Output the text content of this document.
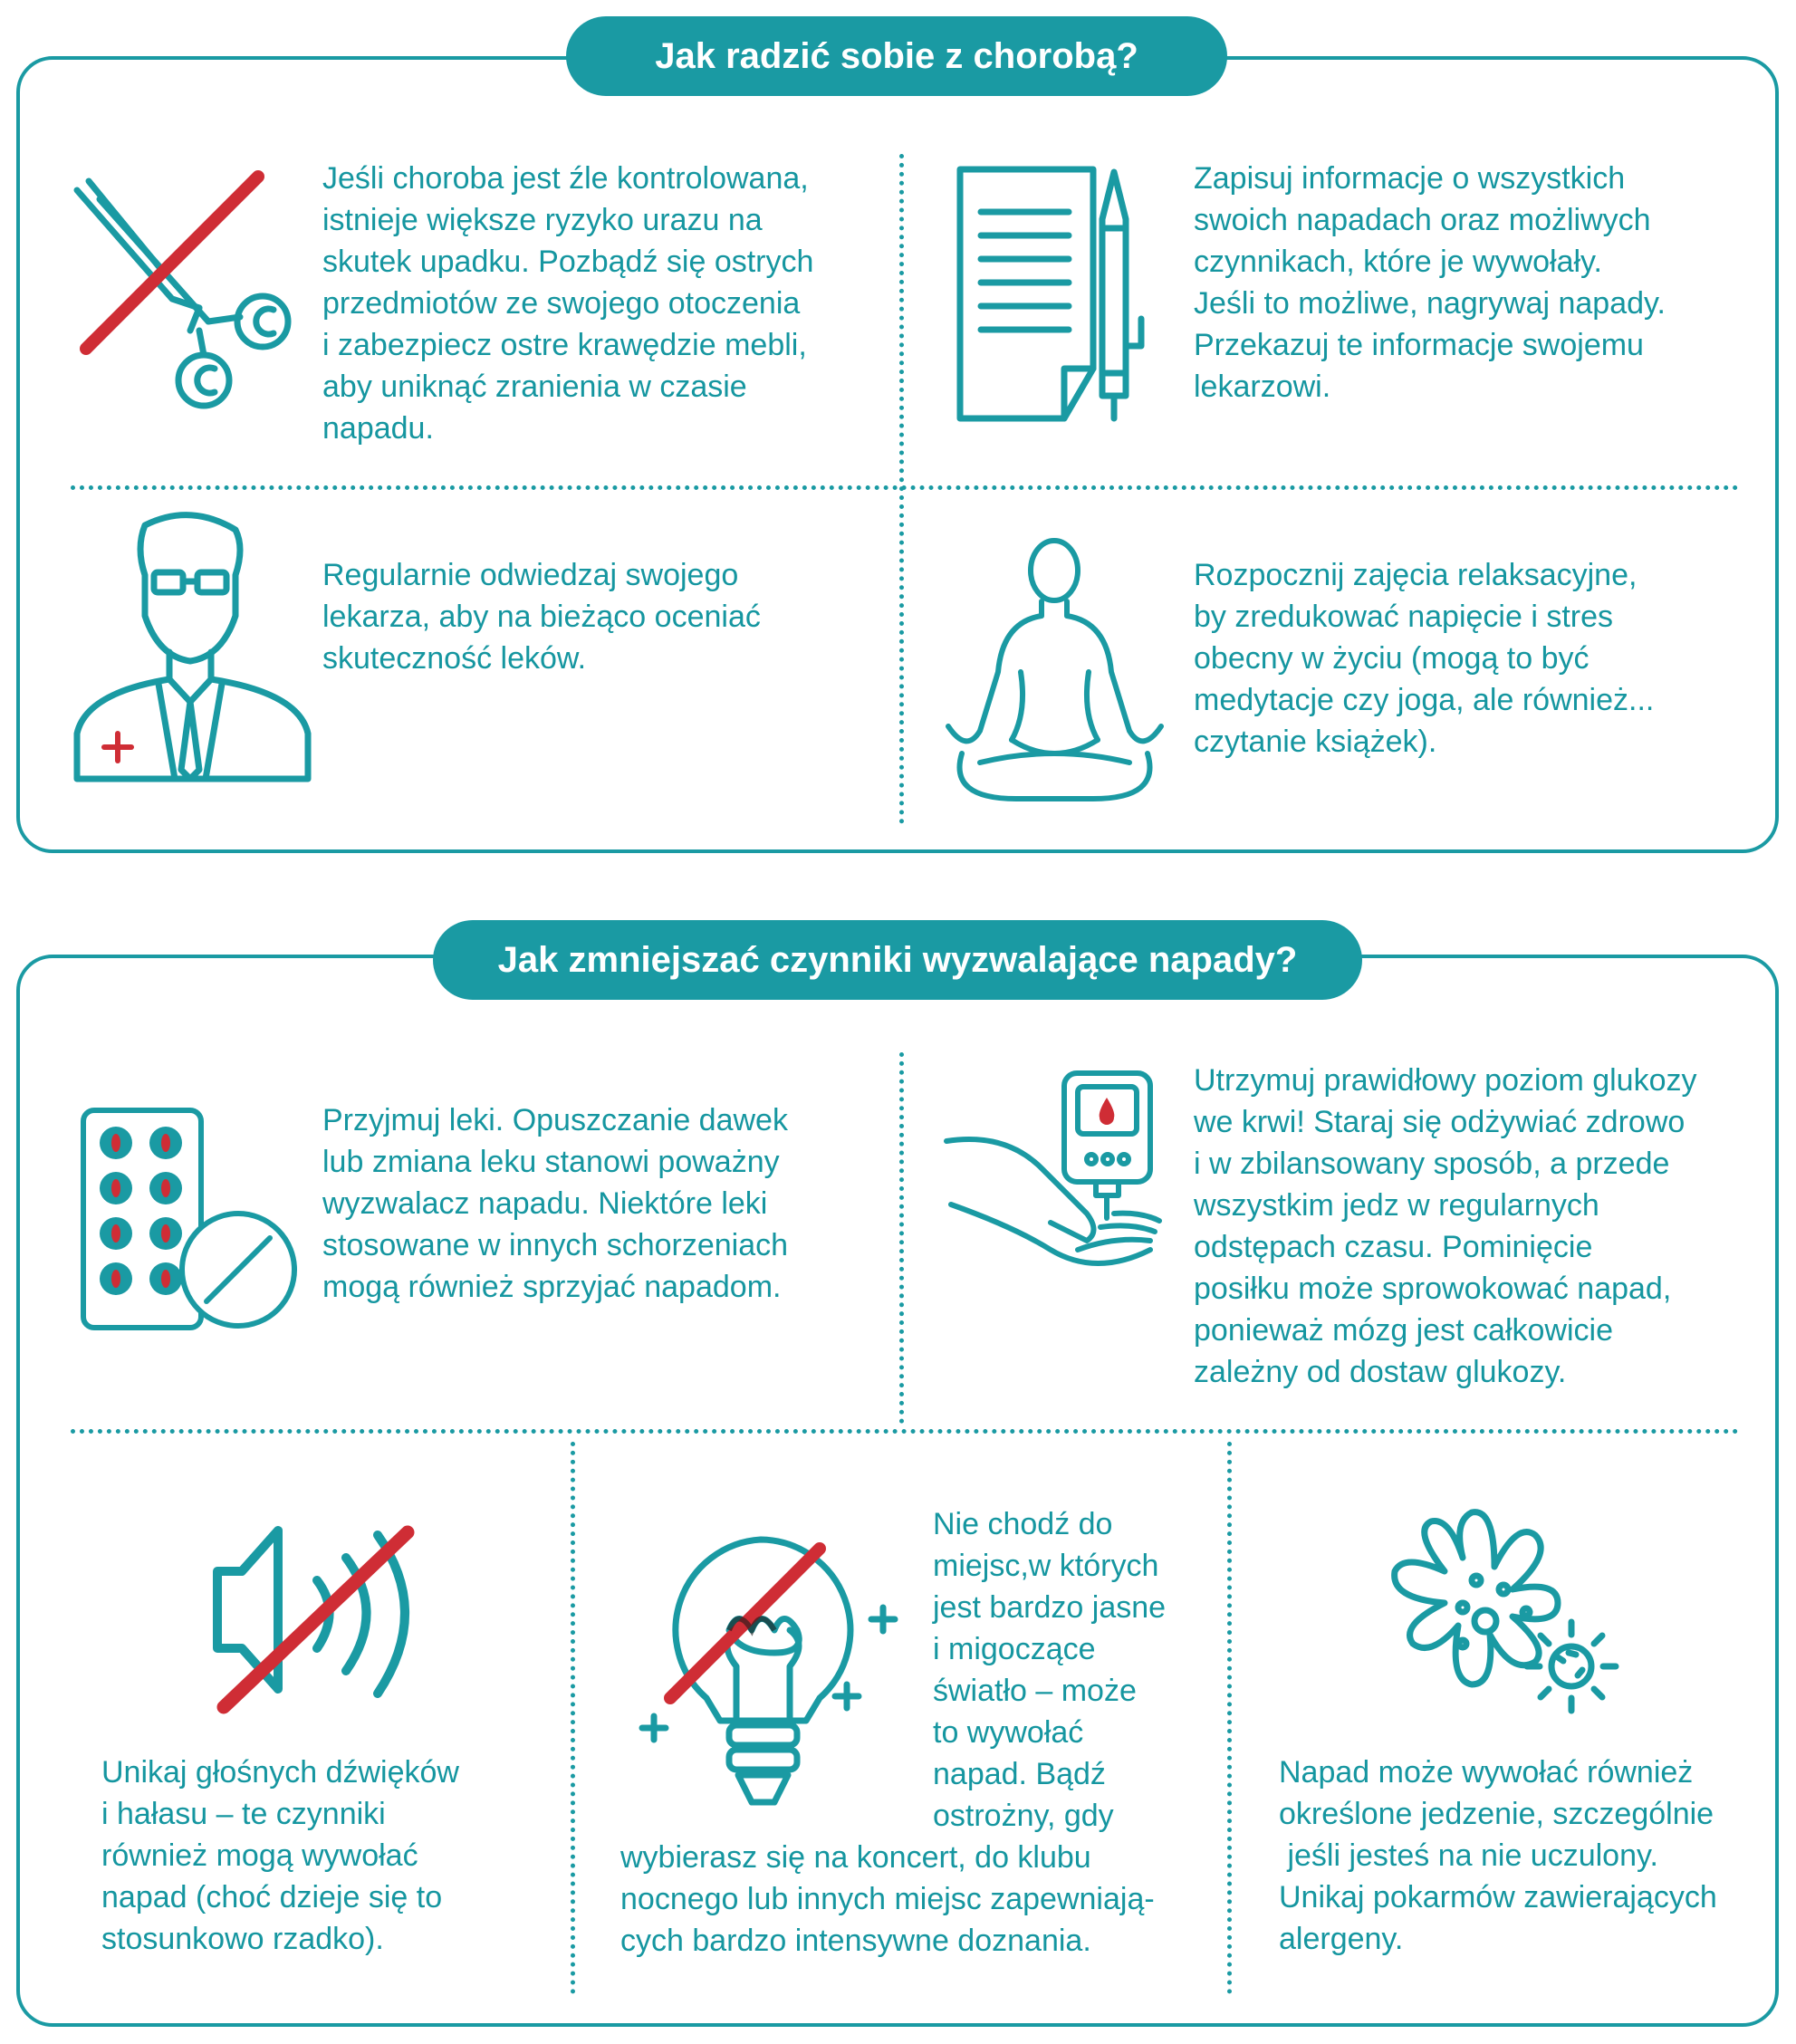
Jak radzić sobie z chorobą?
Jeśli choroba jest źle kontrolowana,
istnieje większe ryzyko urazu na
skutek upadku. Pozbądź się ostrych
przedmiotów ze swojego otoczenia
i zabezpiecz ostre krawędzie mebli,
aby uniknąć zranienia w czasie
napadu.
Zapisuj informacje o wszystkich
swoich napadach oraz możliwych
czynnikach, które je wywołały.
Jeśli to możliwe, nagrywaj napady.
Przekazuj te informacje swojemu
lekarzowi.
Regularnie odwiedzaj swojego
lekarza, aby na bieżąco oceniać
skuteczność leków.
Rozpocznij zajęcia relaksacyjne,
by zredukować napięcie i stres
obecny w życiu (mogą to być
medytacje czy joga, ale również...
czytanie książek).
Jak zmniejszać czynniki wyzwalające napady?
Przyjmuj leki. Opuszczanie dawek
lub zmiana leku stanowi poważny
wyzwalacz napadu. Niektóre leki
stosowane w innych schorzeniach
mogą również sprzyjać napadom.
Utrzymuj prawidłowy poziom glukozy
we krwi! Staraj się odżywiać zdrowo
i w zbilansowany sposób, a przede
wszystkim jedz w regularnych
odstępach czasu. Pominięcie
posiłku może sprowokować napad,
ponieważ mózg jest całkowicie
zależny od dostaw glukozy.
Unikaj głośnych dźwięków
i hałasu – te czynniki
również mogą wywołać
napad (choć dzieje się to
stosunkowo rzadko).
Nie chodź do
miejsc,w których
jest bardzo jasne
i migoczące
światło – może
to wywołać
napad. Bądź
ostrożny, gdy
wybierasz się na koncert, do klubu
nocnego lub innych miejsc zapewniają-
cych bardzo intensywne doznania.
Napad może wywołać również
określone jedzenie, szczególnie
jeśli jesteś na nie uczulony.
Unikaj pokarmów zawierających
alergeny.
